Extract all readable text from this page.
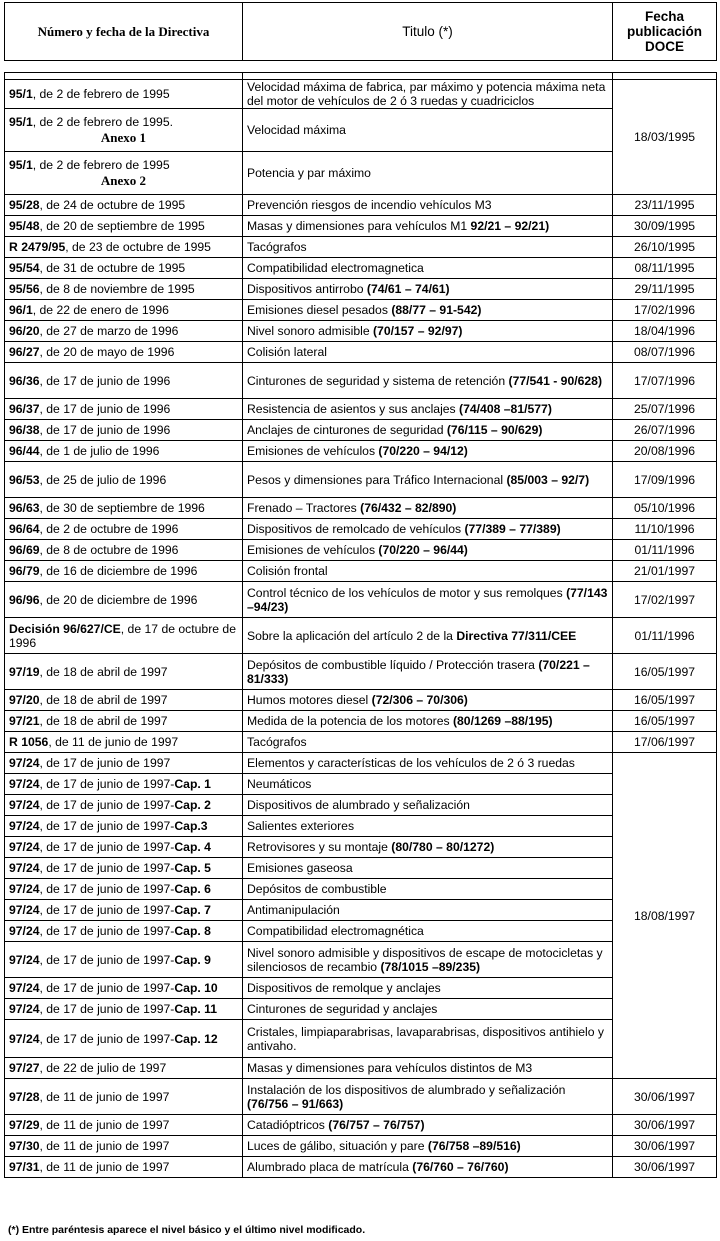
Número y fecha de la Directiva	Titulo (*)	Fecha
publicación
DOCE

95/1, de 2 de febrero de 1995	Velocidad máxima de fabrica, par máximo y potencia máxima neta del motor de vehículos de 2 ó 3 ruedas y cuadriciclos	18/03/1995	
95/1, de 2 de febrero de 1995.
Anexo 1	Velocidad máxima		
95/1, de 2 de febrero de 1995
Anexo 2	Potencia y par máximo		
95/28, de 24 de octubre de 1995	Prevención riesgos de incendio vehículos M3	23/11/1995	
95/48, de 20 de septiembre de 1995	Masas y dimensiones para vehículos M1 92/21 – 92/21)	30/09/1995	
R 2479/95, de 23 de octubre de 1995	Tacógrafos	26/10/1995	
95/54, de 31 de octubre de 1995	Compatibilidad electromagnetica	08/11/1995	
95/56, de 8 de noviembre de 1995	Dispositivos antirrobo (74/61 – 74/61)	29/11/1995	
96/1, de 22 de enero de 1996	Emisiones diesel pesados (88/77 – 91-542)	17/02/1996	
96/20, de 27 de marzo de 1996	Nivel sonoro admisible (70/157 – 92/97)	18/04/1996	
96/27, de 20 de mayo de 1996	Colisión lateral	08/07/1996	
96/36, de 17 de junio de 1996	Cinturones de seguridad y sistema de retención (77/541 - 90/628)	17/07/1996	
96/37, de 17 de junio de 1996	Resistencia de asientos y sus anclajes (74/408 –81/577)	25/07/1996	
96/38, de 17 de junio de 1996	Anclajes de cinturones de seguridad (76/115 – 90/629)	26/07/1996	
96/44, de 1 de julio de 1996	Emisiones de vehículos (70/220 – 94/12)	20/08/1996	
96/53, de 25 de julio de 1996	Pesos y dimensiones para Tráfico Internacional (85/003 – 92/7)	17/09/1996	
96/63, de 30 de septiembre de 1996	Frenado – Tractores (76/432 – 82/890)	05/10/1996	
96/64, de 2 de octubre de 1996	Dispositivos de remolcado de vehículos (77/389 – 77/389)	11/10/1996	
96/69, de 8 de octubre de 1996	Emisiones de vehículos (70/220 – 96/44)	01/11/1996	
96/79, de 16 de diciembre de 1996	Colisión frontal	21/01/1997	
96/96, de 20 de diciembre de 1996	Control técnico de los vehículos de motor y sus remolques (77/143 –94/23)	17/02/1997	
Decisión 96/627/CE, de 17 de octubre de 1996	Sobre la aplicación del artículo 2 de la Directiva 77/311/CEE	01/11/1996	
97/19, de 18 de abril de 1997	Depósitos de combustible líquido / Protección trasera (70/221 – 81/333)	16/05/1997	
97/20, de 18 de abril de 1997	Humos motores diesel (72/306 – 70/306)	16/05/1997	
97/21, de 18 de abril de 1997	Medida de la potencia de los motores (80/1269 –88/195)	16/05/1997	
R 1056, de 11 de junio de 1997	Tacógrafos	17/06/1997	
97/24, de 17 de junio de 1997	Elementos y características de los vehículos de 2 ó 3 ruedas	18/08/1997	
97/24, de 17 de junio de 1997-Cap. 1	Neumáticos		
97/24, de 17 de junio de 1997-Cap. 2	Dispositivos de alumbrado y señalización		
97/24, de 17 de junio de 1997-Cap.3	Salientes exteriores		
97/24, de 17 de junio de 1997-Cap. 4	Retrovisores y su montaje (80/780 – 80/1272)		
97/24, de 17 de junio de 1997-Cap. 5	Emisiones gaseosa		
97/24, de 17 de junio de 1997-Cap. 6	Depósitos de combustible		
97/24, de 17 de junio de 1997-Cap. 7	Antimanipulación		
97/24, de 17 de junio de 1997-Cap. 8	Compatibilidad electromagnética		
97/24, de 17 de junio de 1997-Cap. 9	Nivel sonoro admisible y dispositivos de escape de motocicletas y silenciosos de recambio (78/1015 –89/235)		
97/24, de 17 de junio de 1997-Cap. 10	Dispositivos de remolque y anclajes		
97/24, de 17 de junio de 1997-Cap. 11	Cinturones de seguridad y anclajes		
97/24, de 17 de junio de 1997-Cap. 12	Cristales, limpiaparabrisas, lavaparabrisas, dispositivos antihielo y antivaho.		
97/27, de 22 de julio de 1997	Masas y dimensiones para vehículos distintos de M3	
97/28, de 11 de junio de 1997	Instalación de los dispositivos de alumbrado y señalización (76/756 – 91/663)	30/06/1997	
97/29, de 11 de junio de 1997	Catadióptricos (76/757 – 76/757)	30/06/1997	
97/30, de 11 de junio de 1997	Luces de gálibo, situación y pare (76/758 –89/516)	30/06/1997	
97/31, de 11 de junio de 1997	Alumbrado placa de matrícula (76/760 – 76/760)	30/06/1997	
(*) Entre paréntesis aparece el nivel básico y el último nivel modificado.
